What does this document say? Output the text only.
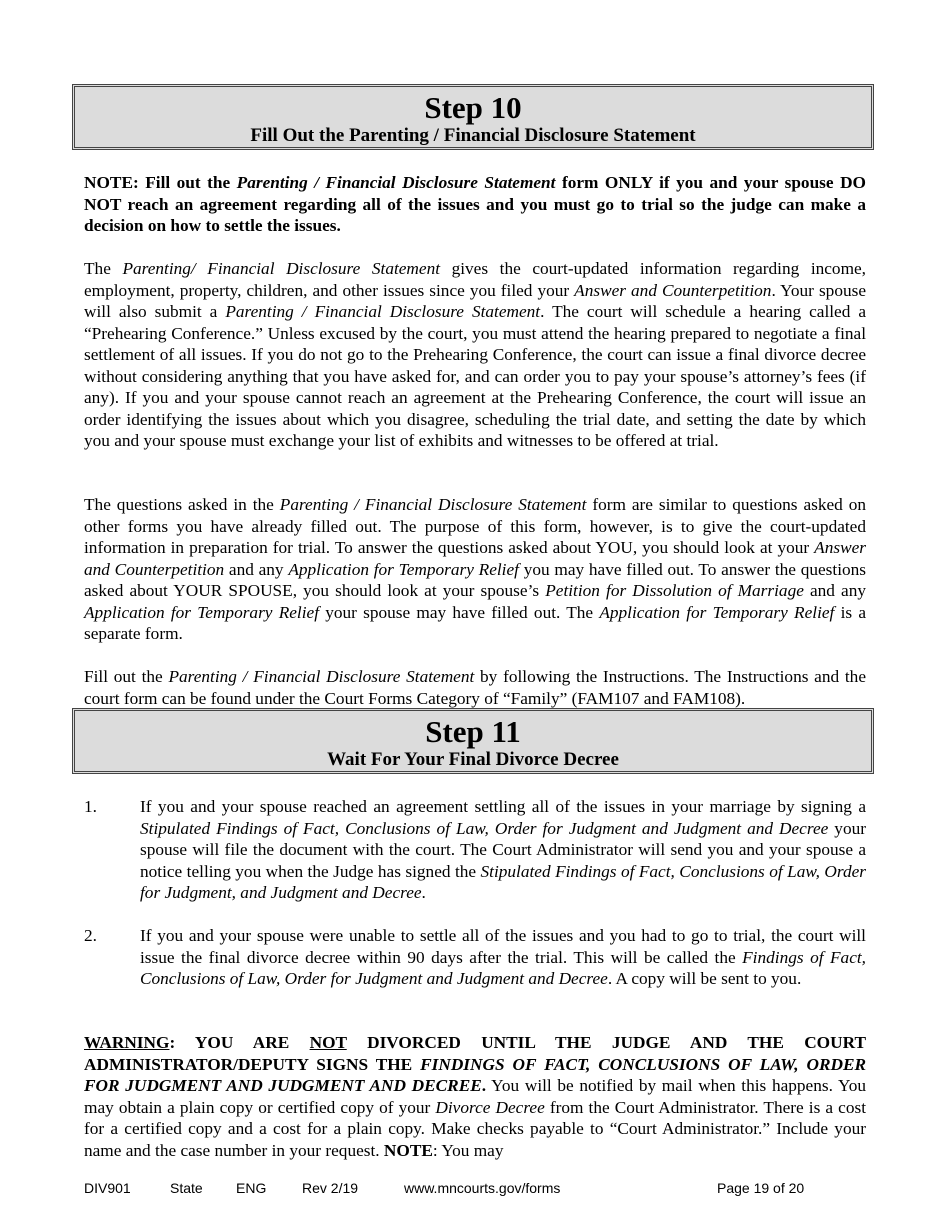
Step 10
Fill Out the Parenting / Financial Disclosure Statement

NOTE: Fill out the Parenting / Financial Disclosure Statement form ONLY if you and your spouse DO NOT reach an agreement regarding all of the issues and you must go to trial so the judge can make a decision on how to settle the issues.

The Parenting/ Financial Disclosure Statement gives the court-updated information regarding income, employment, property, children, and other issues since you filed your Answer and Counterpetition. Your spouse will also submit a Parenting / Financial Disclosure Statement. The court will schedule a hearing called a “Prehearing Conference.” Unless excused by the court, you must attend the hearing prepared to negotiate a final settlement of all issues. If you do not go to the Prehearing Conference, the court can issue a final divorce decree without considering anything that you have asked for, and can order you to pay your spouse’s attorney’s fees (if any). If you and your spouse cannot reach an agreement at the Prehearing Conference, the court will issue an order identifying the issues about which you disagree, scheduling the trial date, and setting the date by which you and your spouse must exchange your list of exhibits and witnesses to be offered at trial.

The questions asked in the Parenting / Financial Disclosure Statement form are similar to questions asked on other forms you have already filled out. The purpose of this form, however, is to give the court-updated information in preparation for trial. To answer the questions asked about YOU, you should look at your Answer and Counterpetition and any Application for Temporary Relief you may have filled out. To answer the questions asked about YOUR SPOUSE, you should look at your spouse’s Petition for Dissolution of Marriage and any Application for Temporary Relief your spouse may have filled out. The Application for Temporary Relief is a separate form.

Fill out the Parenting / Financial Disclosure Statement by following the Instructions. The Instructions and the court form can be found under the Court Forms Category of “Family” (FAM107 and FAM108).

Step 11
Wait For Your Final Divorce Decree
1. If you and your spouse reached an agreement settling all of the issues in your marriage by signing a Stipulated Findings of Fact, Conclusions of Law, Order for Judgment and Judgment and Decree your spouse will file the document with the court. The Court Administrator will send you and your spouse a notice telling you when the Judge has signed the Stipulated Findings of Fact, Conclusions of Law, Order for Judgment, and Judgment and Decree.
2. If you and your spouse were unable to settle all of the issues and you had to go to trial, the court will issue the final divorce decree within 90 days after the trial. This will be called the Findings of Fact, Conclusions of Law, Order for Judgment and Judgment and Decree. A copy will be sent to you.

WARNING: YOU ARE NOT DIVORCED UNTIL THE JUDGE AND THE COURT ADMINISTRATOR/DEPUTY SIGNS THE FINDINGS OF FACT, CONCLUSIONS OF LAW, ORDER FOR JUDGMENT AND JUDGMENT AND DECREE. You will be notified by mail when this happens. You may obtain a plain copy or certified copy of your Divorce Decree from the Court Administrator. There is a cost for a certified copy and a cost for a plain copy. Make checks payable to “Court Administrator.” Include your name and the case number in your request. NOTE: You may

DIV901	State ENG	Rev 2/19	www.mncourts.gov/forms	Page 19 of 20
